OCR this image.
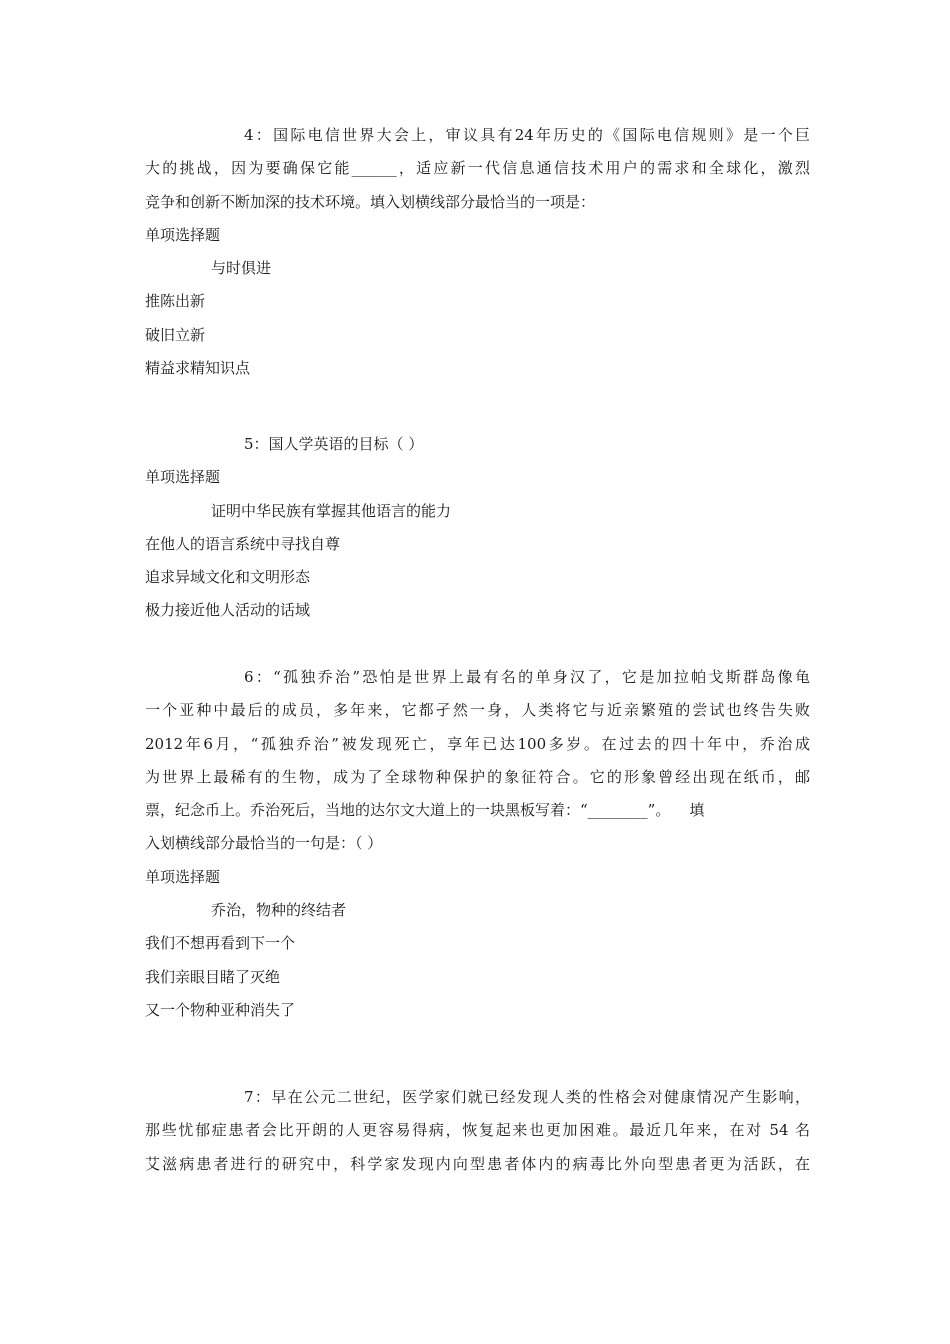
4：国际电信世界大会上，审议具有24年历史的《国际电信规则》是一个巨
大的挑战，因为要确保它能______，适应新一代信息通信技术用户的需求和全球化，激烈
竞争和创新不断加深的技术环境。填入划横线部分最恰当的一项是：
单项选择题
与时俱进
推陈出新
破旧立新
精益求精知识点
5：国人学英语的目标（ ）
单项选择题
证明中华民族有掌握其他语言的能力
在他人的语言系统中寻找自尊
追求异域文化和文明形态
极力接近他人活动的话域
6：“孤独乔治”恐怕是世界上最有名的单身汉了，它是加拉帕戈斯群岛像龟
一个亚种中最后的成员，多年来，它都孑然一身，人类将它与近亲繁殖的尝试也终告失败
2012年6月，“孤独乔治”被发现死亡，享年已达100多岁。在过去的四十年中，乔治成
为世界上最稀有的生物，成为了全球物种保护的象征符合。它的形象曾经出现在纸币，邮
票，纪念币上。乔治死后，当地的达尔文大道上的一块黑板写着：“________”。    填
入划横线部分最恰当的一句是：（ ）
单项选择题
乔治，物种的终结者
我们不想再看到下一个
我们亲眼目睹了灭绝
又一个物种亚种消失了
7：早在公元二世纪，医学家们就已经发现人类的性格会对健康情况产生影响，
那些忧郁症患者会比开朗的人更容易得病，恢复起来也更加困难。最近几年来，在对 54 名
艾滋病患者进行的研究中，科学家发现内向型患者体内的病毒比外向型患者更为活跃，在
